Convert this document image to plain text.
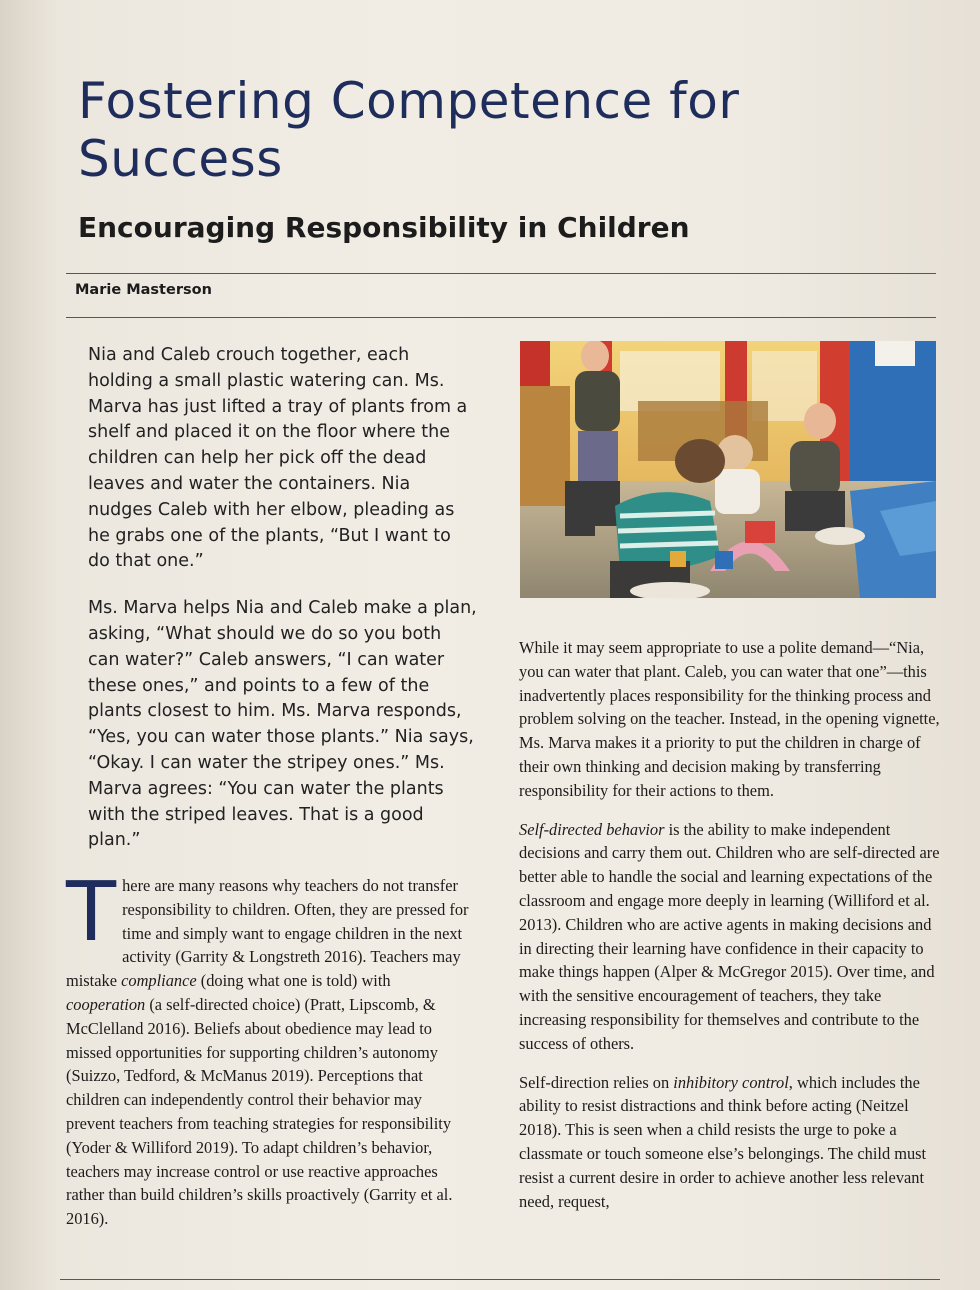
Fostering Competence for Success
Encouraging Responsibility in Children
Marie Masterson

Nia and Caleb crouch together, each holding a small plastic watering can. Ms. Marva has just lifted a tray of plants from a shelf and placed it on the floor where the children can help her pick off the dead leaves and water the containers. Nia nudges Caleb with her elbow, pleading as he grabs one of the plants, “But I want to do that one.”

Ms. Marva helps Nia and Caleb make a plan, asking, “What should we do so you both can water?” Caleb answers, “I can water these ones,” and points to a few of the plants closest to him. Ms. Marva responds, “Yes, you can water those plants.” Nia says, “Okay. I can water the stripey ones.” Ms. Marva agrees: “You can water the plants with the striped leaves. That is a good plan.”

There are many reasons why teachers do not transfer responsibility to children. Often, they are pressed for time and simply want to engage children in the next activity (Garrity & Longstreth 2016). Teachers may mistake compliance (doing what one is told) with cooperation (a self-directed choice) (Pratt, Lipscomb, & McClelland 2016). Beliefs about obedience may lead to missed opportunities for supporting children’s autonomy (Suizzo, Tedford, & McManus 2019). Perceptions that children can independently control their behavior may prevent teachers from teaching strategies for responsibility (Yoder & Williford 2019). To adapt children’s behavior, teachers may increase control or use reactive approaches rather than build children’s skills proactively (Garrity et al. 2016).

While it may seem appropriate to use a polite demand—“Nia, you can water that plant. Caleb, you can water that one”—this inadvertently places responsibility for the thinking process and problem solving on the teacher. Instead, in the opening vignette, Ms. Marva makes it a priority to put the children in charge of their own thinking and decision making by transferring responsibility for their actions to them.

Self-directed behavior is the ability to make independent decisions and carry them out. Children who are self-directed are better able to handle the social and learning expectations of the classroom and engage more deeply in learning (Williford et al. 2013). Children who are active agents in making decisions and in directing their learning have confidence in their capacity to make things happen (Alper & McGregor 2015). Over time, and with the sensitive encouragement of teachers, they take increasing responsibility for themselves and contribute to the success of others.

Self-direction relies on inhibitory control, which includes the ability to resist distractions and think before acting (Neitzel 2018). This is seen when a child resists the urge to poke a classmate or touch someone else’s belongings. The child must resist a current desire in order to achieve another less relevant need, request,
